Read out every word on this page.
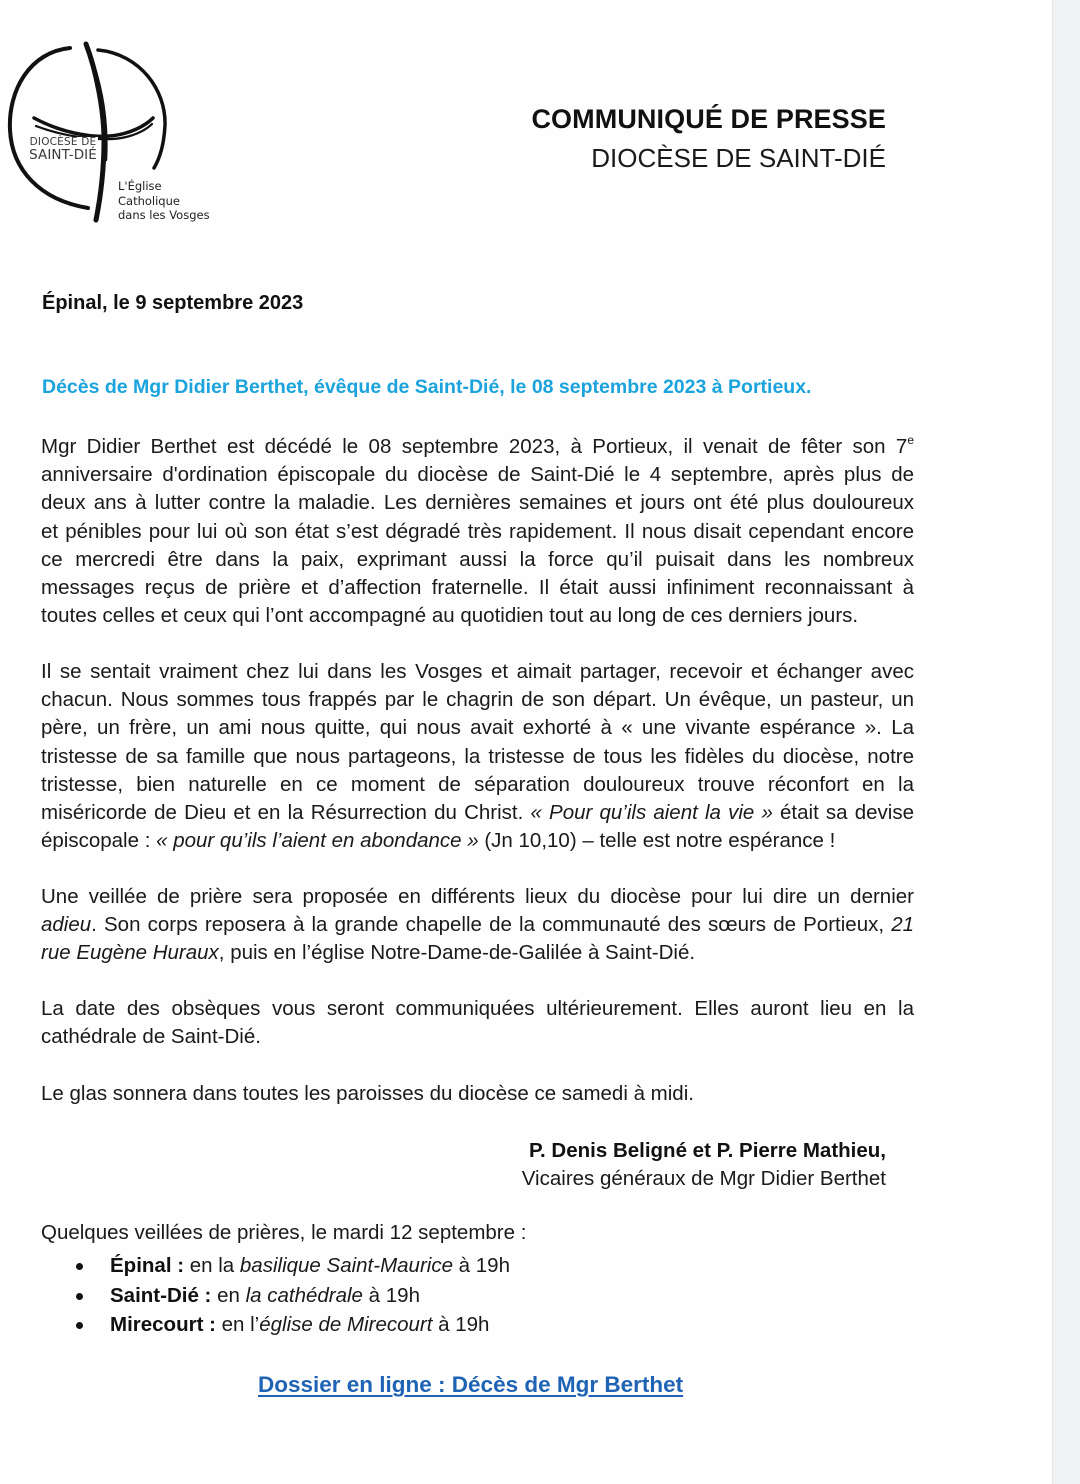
DIOCÈSE DE
SAINT-DIÉ
L'Église
Catholique
dans les Vosges
COMMUNIQUÉ DE PRESSE
DIOCÈSE DE SAINT-DIÉ
Épinal, le 9 septembre 2023
Décès de Mgr Didier Berthet, évêque de Saint-Dié, le 08 septembre 2023 à Portieux.
Mgr Didier Berthet est décédé le 08 septembre 2023, à Portieux, il venait de fêter son 7e
anniversaire d'ordination épiscopale du diocèse de Saint-Dié le 4 septembre, après plus de
deux ans à lutter contre la maladie. Les dernières semaines et jours ont été plus douloureux
et pénibles pour lui où son état s’est dégradé très rapidement. Il nous disait cependant encore
ce mercredi être dans la paix, exprimant aussi la force qu’il puisait dans les nombreux
messages reçus de prière et d’affection fraternelle. Il était aussi infiniment reconnaissant à
toutes celles et ceux qui l’ont accompagné au quotidien tout au long de ces derniers jours.
Il se sentait vraiment chez lui dans les Vosges et aimait partager, recevoir et échanger avec
chacun. Nous sommes tous frappés par le chagrin de son départ. Un évêque, un pasteur, un
père, un frère, un ami nous quitte, qui nous avait exhorté à « une vivante espérance ». La
tristesse de sa famille que nous partageons, la tristesse de tous les fidèles du diocèse, notre
tristesse, bien naturelle en ce moment de séparation douloureux trouve réconfort en la
miséricorde de Dieu et en la Résurrection du Christ. « Pour qu’ils aient la vie » était sa devise
épiscopale : « pour qu’ils l’aient en abondance » (Jn 10,10) – telle est notre espérance !
Une veillée de prière sera proposée en différents lieux du diocèse pour lui dire un dernier
adieu. Son corps reposera à la grande chapelle de la communauté des sœurs de Portieux, 21
rue Eugène Huraux, puis en l’église Notre-Dame-de-Galilée à Saint-Dié.
La date des obsèques vous seront communiquées ultérieurement. Elles auront lieu en la
cathédrale de Saint-Dié.
Le glas sonnera dans toutes les paroisses du diocèse ce samedi à midi.
P. Denis Beligné et P. Pierre Mathieu,
Vicaires généraux de Mgr Didier Berthet
Quelques veillées de prières, le mardi 12 septembre :
Épinal : en la basilique Saint-Maurice à 19h
Saint-Dié : en la cathédrale à 19h
Mirecourt : en l’église de Mirecourt à 19h
Dossier en ligne : Décès de Mgr Berthet
